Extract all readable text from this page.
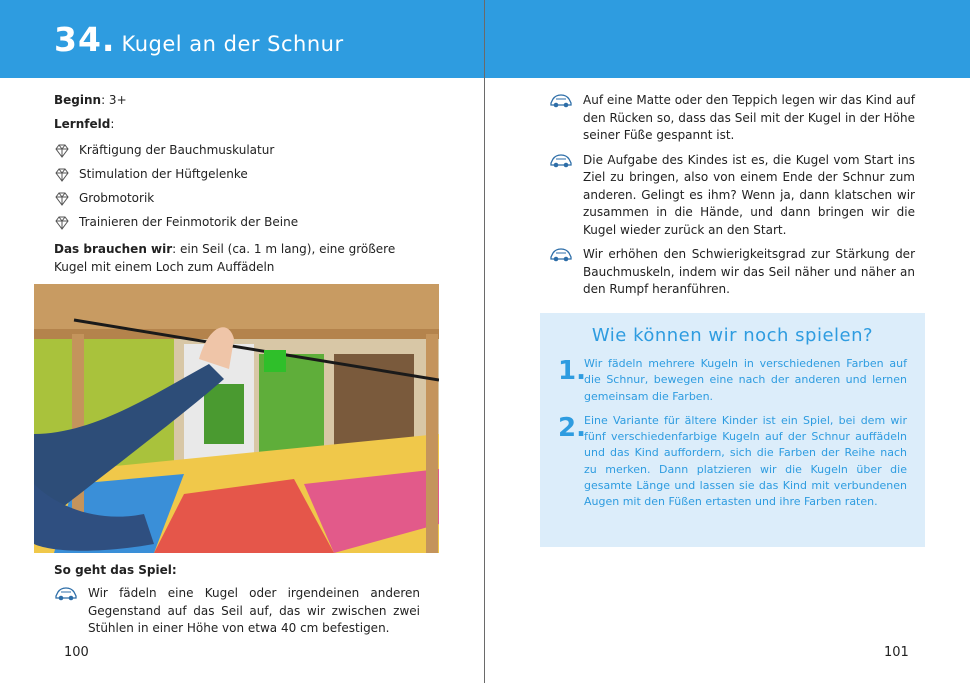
34. Kugel an der Schnur
Beginn: 3+
Lernfeld:
Kräftigung der Bauchmuskulatur
Stimulation der Hüftgelenke
Grobmotorik
Trainieren der Feinmotorik der Beine
Das brauchen wir: ein Seil (ca. 1 m lang), eine größere Kugel mit einem Loch zum Auffädeln
So geht das Spiel:
Wir fädeln eine Kugel oder irgendeinen anderen Gegenstand auf das Seil auf, das wir zwischen zwei Stühlen in einer Höhe von etwa 40 cm befestigen.
100
Auf eine Matte oder den Teppich legen wir das Kind auf den Rücken so, dass das Seil mit der Kugel in der Höhe seiner Füße gespannt ist.
Die Aufgabe des Kindes ist es, die Kugel vom Start ins Ziel zu bringen, also von einem Ende der Schnur zum anderen. Gelingt es ihm? Wenn ja, dann klatschen wir zusammen in die Hände, und dann bringen wir die Kugel wieder zurück an den Start.
Wir erhöhen den Schwierigkeitsgrad zur Stärkung der Bauchmuskeln, indem wir das Seil näher und näher an den Rumpf heranführen.
Wie können wir noch spielen?
1.
Wir fädeln mehrere Kugeln in verschiedenen Farben auf die Schnur, bewegen eine nach der anderen und lernen gemeinsam die Farben.
2.
Eine Variante für ältere Kinder ist ein Spiel, bei dem wir fünf verschiedenfarbige Kugeln auf der Schnur auffädeln und das Kind auffordern, sich die Farben der Reihe nach zu merken. Dann platzieren wir die Kugeln über die gesamte Länge und lassen sie das Kind mit verbundenen Augen mit den Füßen ertasten und ihre Farben raten.
101
